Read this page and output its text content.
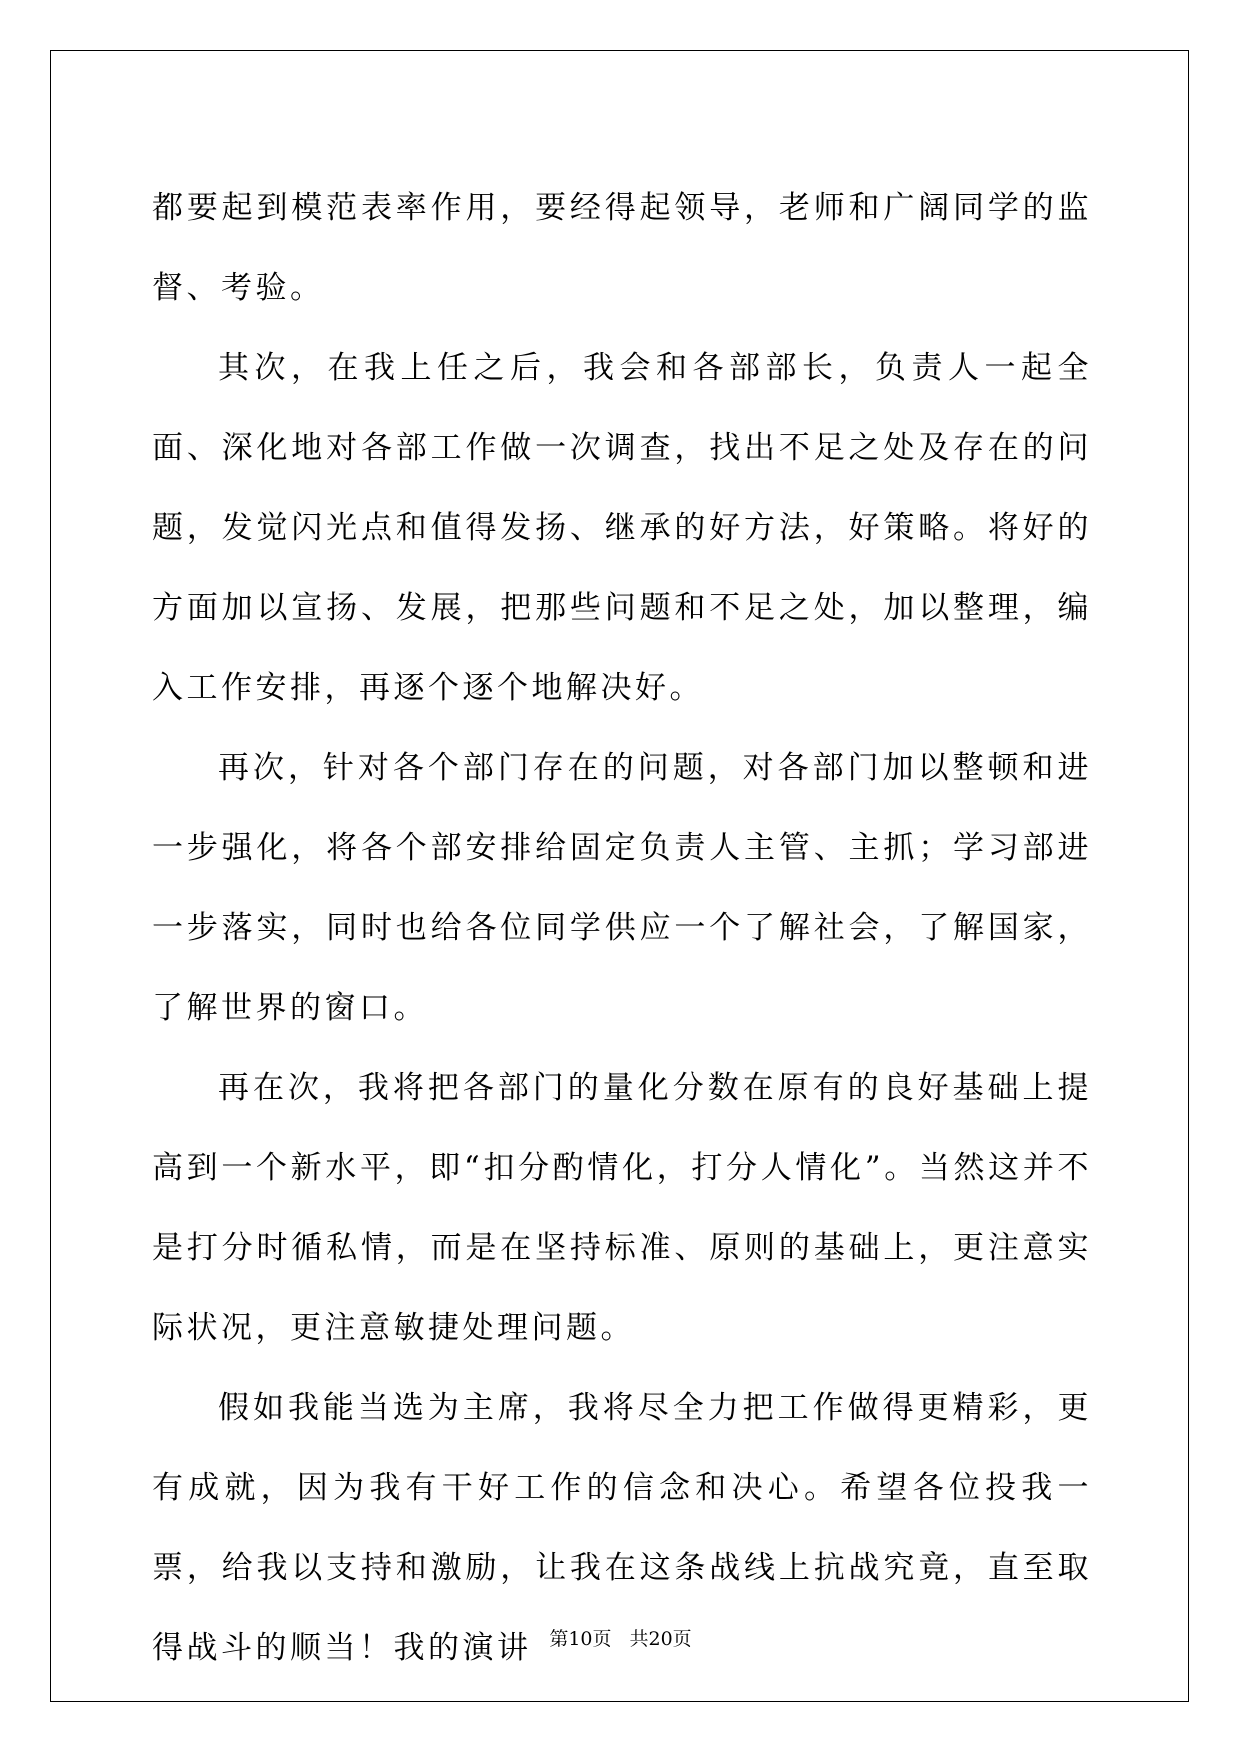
都要起到模范表率作用，要经得起领导，老师和广阔同学的监督、考验。

其次，在我上任之后，我会和各部部长，负责人一起全面、深化地对各部工作做一次调查，找出不足之处及存在的问题，发觉闪光点和值得发扬、继承的好方法，好策略。将好的方面加以宣扬、发展，把那些问题和不足之处，加以整理，编入工作安排，再逐个逐个地解决好。

再次，针对各个部门存在的问题，对各部门加以整顿和进一步强化，将各个部安排给固定负责人主管、主抓；学习部进一步落实，同时也给各位同学供应一个了解社会，了解国家，了解世界的窗口。

再在次，我将把各部门的量化分数在原有的良好基础上提高到一个新水平，即“扣分酌情化，打分人情化”。当然这并不是打分时循私情，而是在坚持标准、原则的基础上，更注意实际状况，更注意敏捷处理问题。

假如我能当选为主席，我将尽全力把工作做得更精彩，更有成就，因为我有干好工作的信念和决心。希望各位投我一票，给我以支持和激励，让我在这条战线上抗战究竟，直至取得战斗的顺当！我的演讲 第10页 共20页
